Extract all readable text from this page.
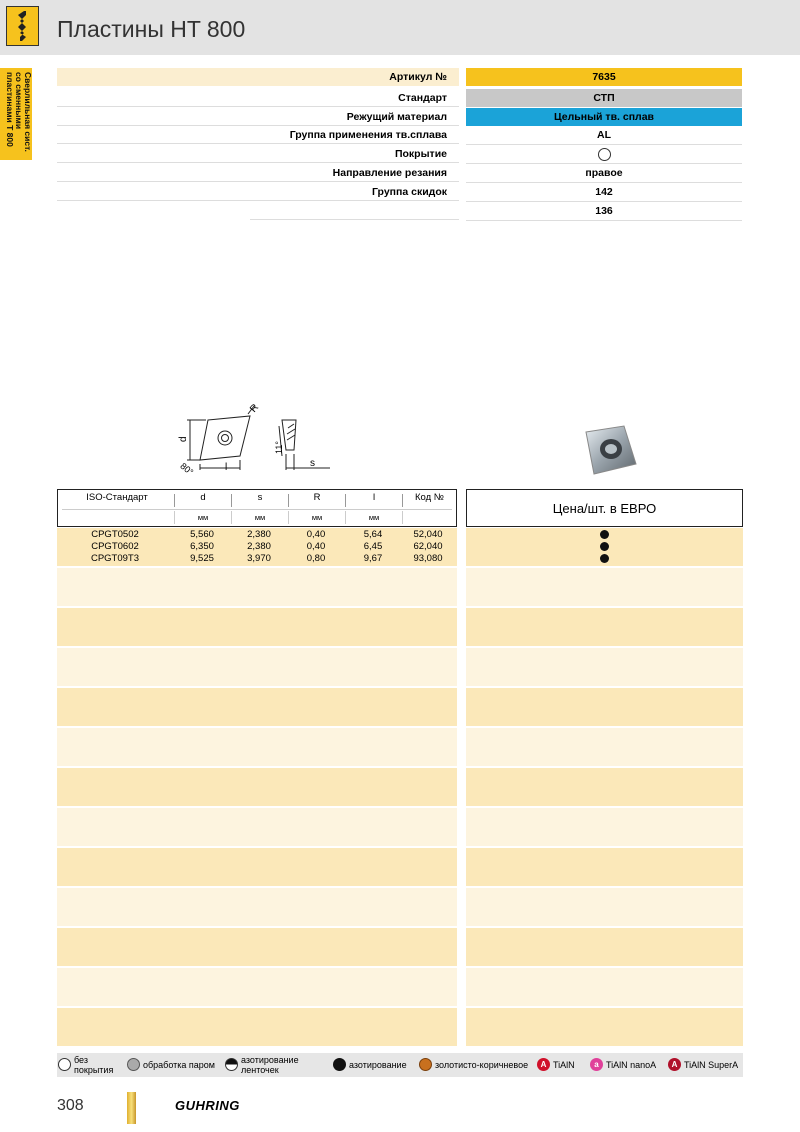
Пластины HT 800
Сверлильная сист. со сменными пластинами T 800	Артикул №	7635
Стандарт	СТП
Режущий материал	Цельный тв. сплав
Группа применения тв.сплава	AL
Покрытие
Направление резания	правое
Группа скидок	142
136
d
l
R
80°
11°
s
ISO-Стандарт	d	s	R	l	Код №
мм	мм	мм	мм
Цена/шт. в ЕВРО
CPGT0502	5,560	2,380	0,40	5,64	52,040
CPGT0602	6,350	2,380	0,40	6,45	62,040
CPGT09T3	9,525	3,970	0,80	9,67	93,080
без покрытия	обработка паром	азотирование ленточек	азотирование	золотисто-коричневое	A TiAlN	a TiAlN nanoA	A TiAlN SuperA
308	GUHRING
